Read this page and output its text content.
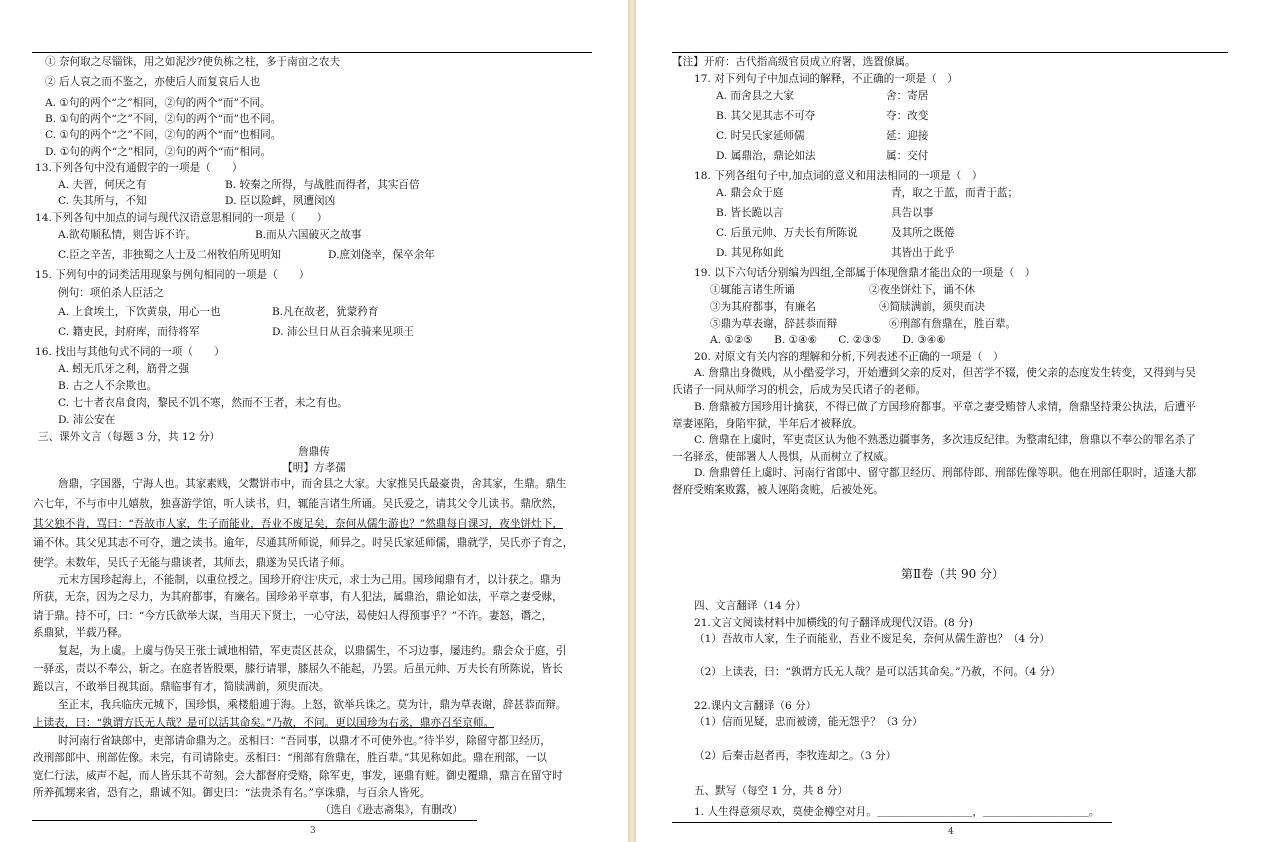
① 奈何取之尽锱铢，用之如泥沙?使负栋之柱，多于南亩之农夫
② 后人哀之而不鉴之，亦使后人而复哀后人也
A. ①句的两个“之”相同，②句的两个“而”不同。
B. ①句的两个“之”不同，②句的两个“而”也不同。
C. ①句的两个“之”不同，②句的两个“而”也相同。
D. ①句的两个“之”相同，②句的两个“而”相同。
13.下列各句中没有通假字的一项是（　　）
A. 夫晋，何厌之有	B. 较秦之所得，与战胜而得者，其实百倍
C. 失其所与，不知	D. 臣以险衅，夙遭闵凶
14.下列各句中加点的词与现代汉语意思相同的一项是（　　）
A.欲苟顺私情，则告诉不许。	B.而从六国破灭之故事
C.臣之辛苦，非独蜀之人士及二州牧伯所见明知	D.庶刘侥幸，保卒余年
15. 下列句中的词类活用现象与例句相同的一项是（　　）
例句：项伯杀人臣活之
A. 上食埃土，下饮黄泉，用心一也	B.凡在故老，犹蒙矜育
C. 籍吏民，封府库，而待将军	D. 沛公旦日从百余骑来见项王
16. 找出与其他句式不同的一项（　　）
A. 蚓无爪牙之利，筋骨之强
B. 古之人不余欺也。
C. 七十者衣帛食肉，黎民不饥不寒，然而不王者，未之有也。
D. 沛公安在
三、课外文言（每题 3 分，共 12 分）
詹鼎传
【明】方孝孺
詹鼎，字国器，宁海人也。其家素贱，父鬻饼市中，而舍县之大家。大家推吴氏最豪贵，舍其家，生鼎。鼎生
六七年，不与市中儿嬉敖，独喜游学馆，听人读书，归，辄能言诸生所诵。吴氏爱之，请其父令儿读书。鼎欣然，
其父独不肯，骂曰：“吾故市人家，生子而能业，吾业不废足矣，奈何从儒生游也？”然鼎每自课习，夜坐饼灶下，
诵不休。其父见其志不可夺，遣之读书。逾年，尽通其所师说，师异之。时吴氏家延师儒，鼎就学，吴氏亦子育之，
使学。未数年，吴氏子无能与鼎谈者，其师去，鼎遂为吴氏诸子师。
元末方国珍起海上，不能制，以重位授之。国珍开府⁽注⁾庆元，求士为己用。国珍闻鼎有才，以计获之。鼎为
所获，无奈，因为之尽力，为其府都事，有廉名。国珍弟平章事，有人犯法，属鼎治，鼎论如法，平章之妻受赇，
请于鼎。持不可，曰：“今方氏欲举大谋，当用天下贤士，一心守法，曷使妇人得预事乎？”不许。妻怒，谮之，
系鼎狱，半载乃释。
复起，为上虞。上虞与伪吴王张士诚地相错，军吏责区甚众，以鼎儒生，不习边事，屡违约。鼎会众于庭，引
一驿丞，责以不奉公，斩之。在庭者皆股栗，膝行请罪，膝屈久不能起，乃罢。后虽元帅、万夫长有所陈说，皆长
跪以言，不敢举目视其面。鼎临事有才，简牍满前，须臾而决。
至正末，我兵临庆元城下，国珍惧，乘楼船逋于海。上怒，欲举兵诛之。莫为计，鼎为草表谢，辞甚恭而辩。
上读表，曰：“孰谓方氏无人哉？是可以活其命矣。”乃赦，不问。更以国珍为右丞，鼎亦召至京师。
时河南行省缺郎中，吏部请命鼎为之。丞相曰：“吾同事，以鼎才不可使外也。”待半岁，除留守都卫经历，
改刑部郎中、刑部佐像。未完，有司请除吏。丞相曰：“刑部有詹鼎在，胜百辈。”其见称如此。鼎在刑部，一以
宽仁行法，威声不起，而人皆乐其不苛刻。会大都督府受赂，除军吏，事发，诬鼎有赃。御史覆鼎，鼎言在留守时
所养孤甥来省，恐有之，鼎诚不知。御史曰：“法贵杀有名。”享诛鼎，与百余人皆死。
（选自《逊志斋集》，有删改）
3
【注】开府：古代指高级官员成立府署，选置僚属。
17. 对下列句子中加点词的解释，不正确的一项是（　）
A. 而舍县之大家	舍：寄居
B. 其父见其志不可夺	夺：改变
C. 时吴氏家延师儒	延：迎接
D. 属鼎治，鼎论如法	属：交付
18. 下列各组句子中,加点词的意义和用法相同的一项是（　）
A. 鼎会众于庭	青，取之于蓝，而青于蓝；
B. 皆长跪以言	具告以事
C. 后虽元帅、万夫长有所陈说	及其所之既倦
D. 其见称如此	其皆出于此乎
19. 以下六句话分别编为四组,全部属于体现詹鼎才能出众的一项是（　）
①辄能言诸生所诵	②夜坐饼灶下，诵不休
③为其府都事，有廉名	④简牍满前，须臾而决
⑤鼎为草表谢，辞甚恭而辩	⑥刑部有詹鼎在，胜百辈。
A. ①②⑤　　B. ①④⑥　　C. ②③⑤　　D. ③④⑥
20. 对原文有关内容的理解和分析,下列表述不正确的一项是（　）
A. 詹鼎出身微贱，从小酷爱学习，开始遭到父亲的反对，但苦学不辍，使父亲的态度发生转变，又得到与吴
氏诸子一同从师学习的机会，后成为吴氏诸子的老师。
B. 詹鼎被方国珍用计擒获，不得已做了方国珍府都事。平章之妻受贿替人求情，詹鼎坚持秉公执法，后遭平
章妻诬陷，身陷牢狱，半年后才被释放。
C. 詹鼎在上虞时，军吏责区认为他不熟悉边疆事务，多次违反纪律。为整肃纪律，詹鼎以不奉公的罪名杀了
一名驿丞，使部署人人畏惧，从而树立了权威。
D. 詹鼎曾任上虞时、河南行省郎中、留守都卫经历、刑部侍郎、刑部佐像等职。他在刑部任职时，适逢大都
督府受贿案败露，被人诬陷贪赃，后被处死。
第Ⅱ卷（共 90 分）
四、文言翻译（14 分）
21.文言文阅读材料中加横线的句子翻译成现代汉语。(8 分)
（1）吾故市人家，生子而能业，吾业不废足矣，奈何从儒生游也？（4 分）
（2）上读表，曰：“孰谓方氏无人哉？是可以活其命矣。”乃赦，不问。（4 分）
22.课内文言翻译（6 分）
（1）信而见疑，忠而被谤，能无怨乎？（3 分）
（2）后秦击赵者再，李牧连却之。（3 分）
五、默写（每空 1 分，共 8 分）
1. 人生得意须尽欢，莫使金樽空对月。＿＿＿＿＿＿＿＿＿，＿＿＿＿＿＿＿＿＿＿。
4
